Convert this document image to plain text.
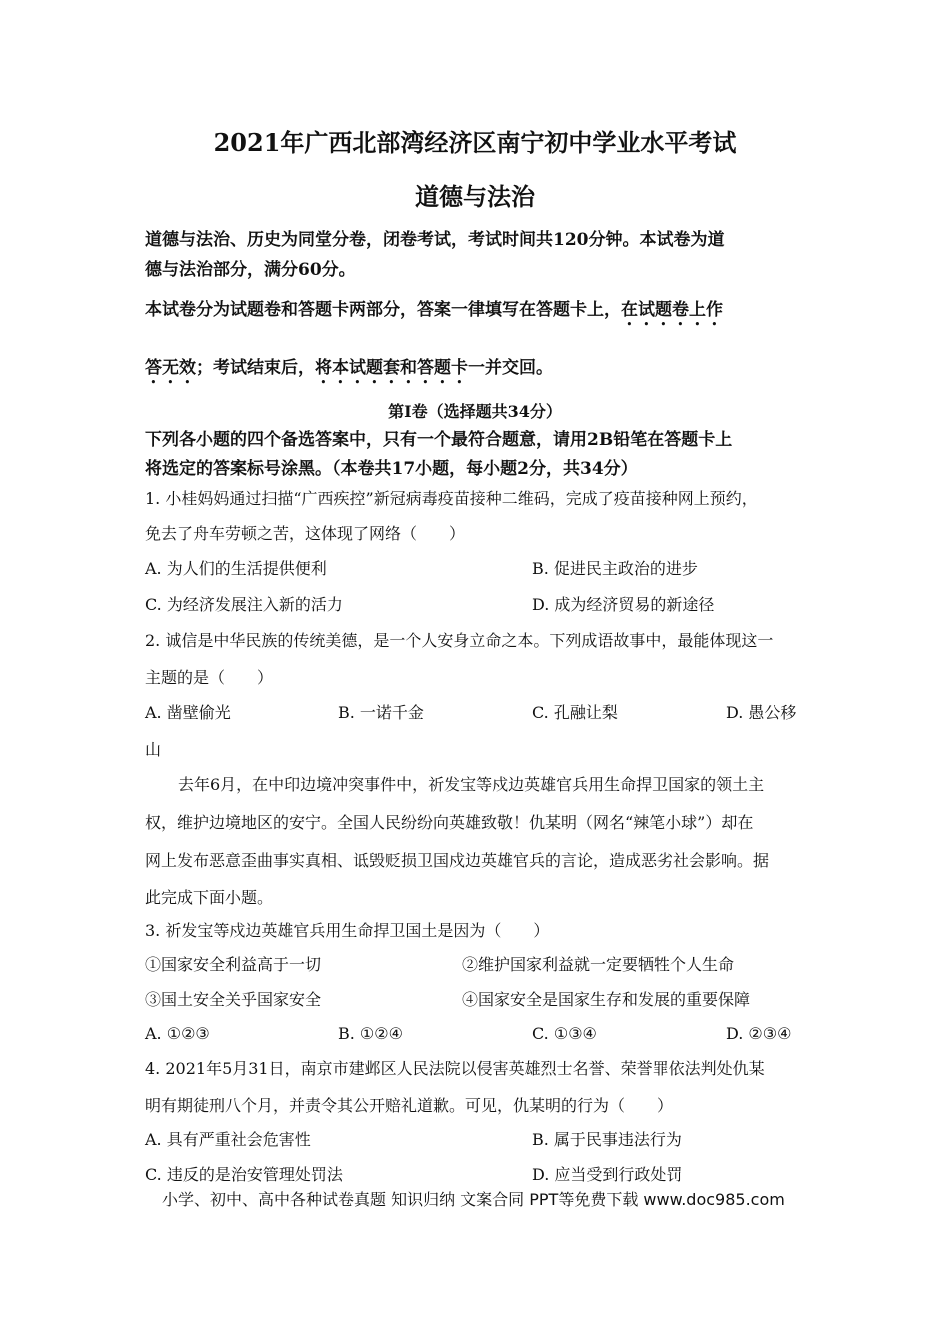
2021年广西北部湾经济区南宁初中学业水平考试
道德与法治
道德与法治、历史为同堂分卷，闭卷考试，考试时间共120分钟。本试卷为道
德与法治部分，满分60分。
本试卷分为试题卷和答题卡两部分，答案一律填写在答题卡上，在试题卷上作
答无效；考试结束后，将本试题套和答题卡一并交回。
第Ⅰ卷（选择题共34分）
下列各小题的四个备选答案中，只有一个最符合题意，请用2B铅笔在答题卡上
将选定的答案标号涂黑。（本卷共17小题，每小题2分，共34分）
1. 小桂妈妈通过扫描“广西疾控”新冠病毒疫苗接种二维码，完成了疫苗接种网上预约，
免去了舟车劳顿之苦，这体现了网络（　　）
A. 为人们的生活提供便利	B. 促进民主政治的进步
C. 为经济发展注入新的活力	D. 成为经济贸易的新途径
2. 诚信是中华民族的传统美德，是一个人安身立命之本。下列成语故事中，最能体现这一
主题的是（　　）
A. 凿壁偷光	B. 一诺千金	C. 孔融让梨	D. 愚公移
山
去年6月，在中印边境冲突事件中，祈发宝等戍边英雄官兵用生命捍卫国家的领土主
权，维护边境地区的安宁。全国人民纷纷向英雄致敬！仇某明（网名“辣笔小球”）却在
网上发布恶意歪曲事实真相、诋毁贬损卫国戍边英雄官兵的言论，造成恶劣社会影响。据
此完成下面小题。
3. 祈发宝等戍边英雄官兵用生命捍卫国土是因为（　　）
①国家安全利益高于一切	②维护国家利益就一定要牺牲个人生命
③国土安全关乎国家安全	④国家安全是国家生存和发展的重要保障
A. ①②③	B. ①②④	C. ①③④	D. ②③④
4. 2021年5月31日，南京市建邺区人民法院以侵害英雄烈士名誉、荣誉罪依法判处仇某
明有期徒刑八个月，并责令其公开赔礼道歉。可见，仇某明的行为（　　）
A. 具有严重社会危害性	B. 属于民事违法行为
C. 违反的是治安管理处罚法	D. 应当受到行政处罚
小学、初中、高中各种试卷真题 知识归纳 文案合同 PPT等免费下载 www.doc985.com
